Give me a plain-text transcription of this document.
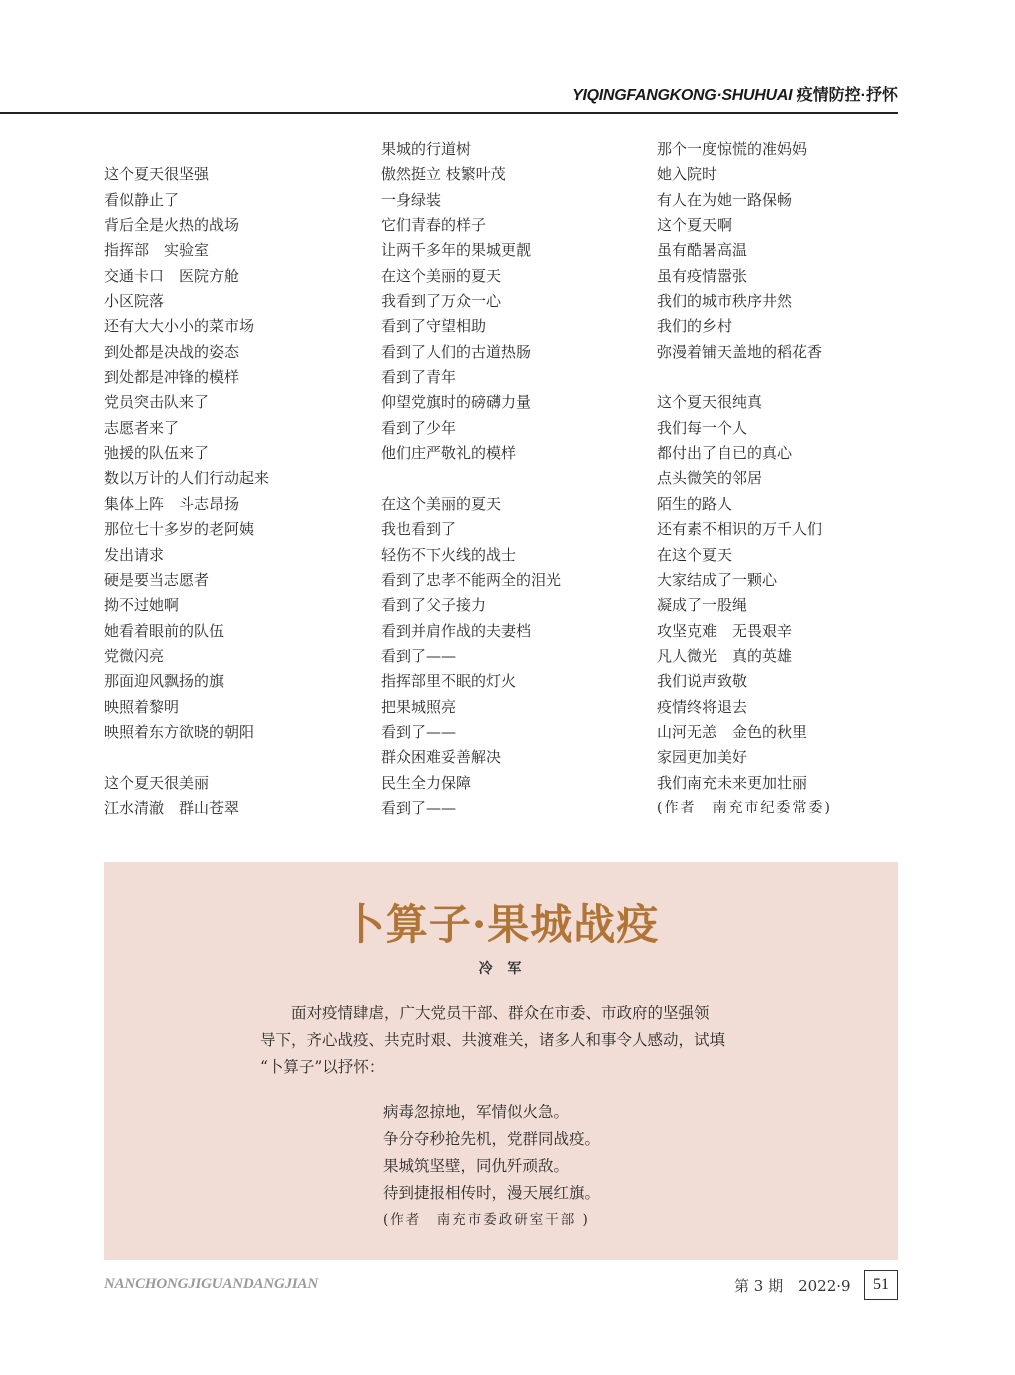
YIQINGFANGKONG·SHUHUAI 疫情防控·抒怀
这个夏天很坚强
看似静止了
背后全是火热的战场
指挥部　实验室
交通卡口　医院方舱
小区院落
还有大大小小的菜市场
到处都是决战的姿态
到处都是冲锋的模样
党员突击队来了
志愿者来了
弛援的队伍来了
数以万计的人们行动起来
集体上阵　斗志昂扬
那位七十多岁的老阿姨
发出请求
硬是要当志愿者
拗不过她啊
她看着眼前的队伍
党微闪亮
那面迎风飘扬的旗
映照着黎明
映照着东方欲晓的朝阳
这个夏天很美丽
江水清澈　群山苍翠
果城的行道树
傲然挺立 枝繁叶茂
一身绿装
它们青春的样子
让两千多年的果城更靓
在这个美丽的夏天
我看到了万众一心
看到了守望相助
看到了人们的古道热肠
看到了青年
仰望党旗时的磅礴力量
看到了少年
他们庄严敬礼的模样
在这个美丽的夏天
我也看到了
轻伤不下火线的战士
看到了忠孝不能两全的泪光
看到了父子接力
看到并肩作战的夫妻档
看到了——
指挥部里不眠的灯火
把果城照亮
看到了——
群众困难妥善解决
民生全力保障
看到了——
那个一度惊慌的准妈妈
她入院时
有人在为她一路保畅
这个夏天啊
虽有酷暑高温
虽有疫情嚣张
我们的城市秩序井然
我们的乡村
弥漫着铺天盖地的稻花香
这个夏天很纯真
我们每一个人
都付出了自已的真心
点头微笑的邻居
陌生的路人
还有素不相识的万千人们
在这个夏天
大家结成了一颗心
凝成了一股绳
攻坚克难　无畏艰辛
凡人微光　真的英雄
我们说声致敬
疫情终将退去
山河无恙　金色的秋里
家园更加美好
我们南充未来更加壮丽
(作者　南充市纪委常委)
卜算子·果城战疫
冷 军
　　面对疫情肆虐，广大党员干部、群众在市委、市政府的坚强领
导下，齐心战疫、共克时艰、共渡难关，诸多人和事令人感动，试填
“卜算子”以抒怀：
病毒忽掠地，军情似火急。
争分夺秒抢先机，党群同战疫。
果城筑坚壁，同仇歼顽敌。
待到捷报相传时，漫天展红旗。
(作者　南充市委政研室干部 )
NANCHONGJIGUANDANGJIAN	第 3 期　2022·9	51
